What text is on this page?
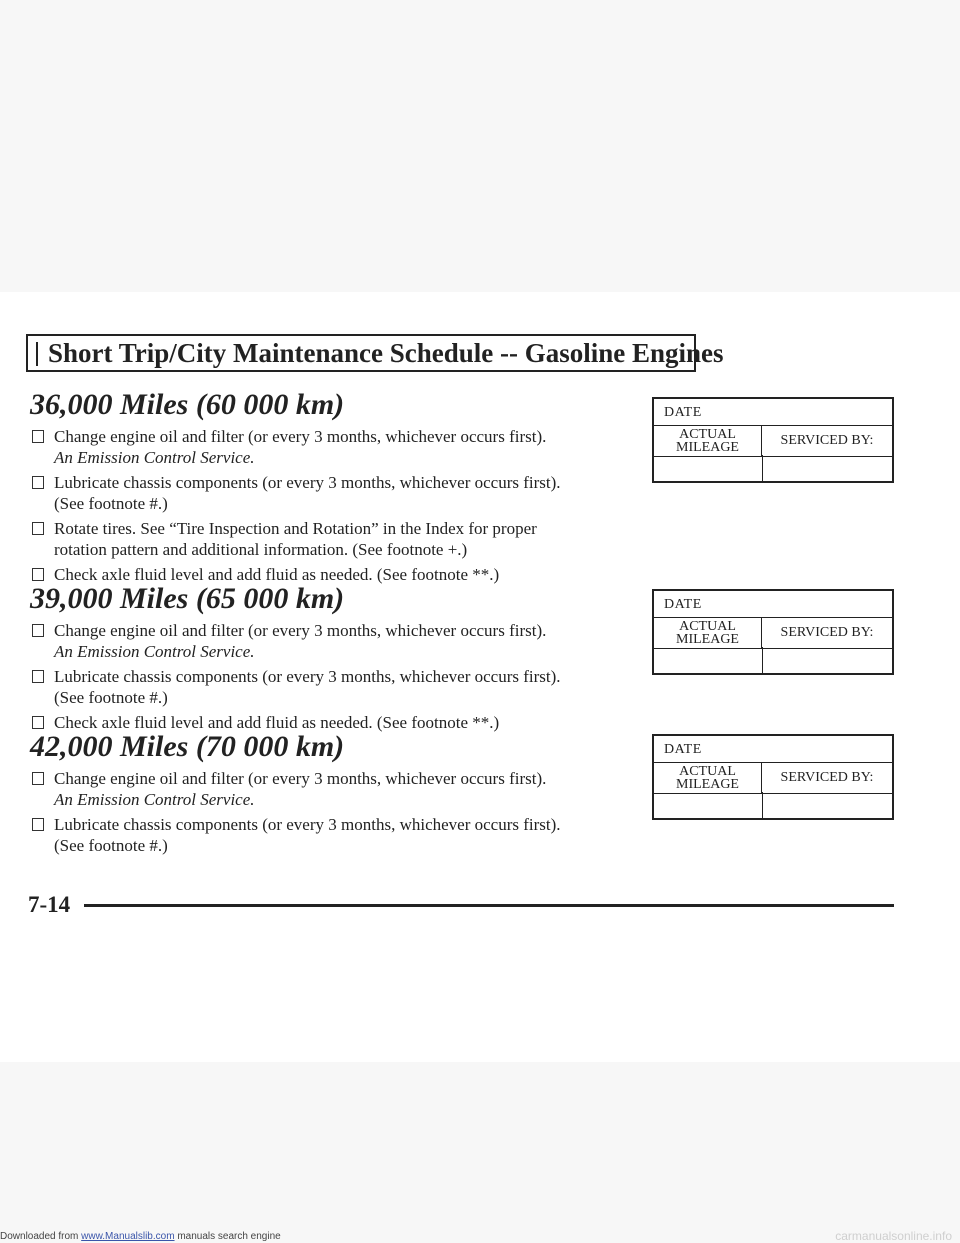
Short Trip/City Maintenance Schedule -- Gasoline Engines
36,000 Miles (60 000 km)
Change engine oil and filter (or every 3 months, whichever occurs first).
An Emission Control Service.
Lubricate chassis components (or every 3 months, whichever occurs first).
(See footnote #.)
Rotate tires. See “Tire Inspection and Rotation” in the Index for proper
rotation pattern and additional information. (See footnote +.)
Check axle fluid level and add fluid as needed. (See footnote **.)
39,000 Miles (65 000 km)
Change engine oil and filter (or every 3 months, whichever occurs first).
An Emission Control Service.
Lubricate chassis components (or every 3 months, whichever occurs first).
(See footnote #.)
Check axle fluid level and add fluid as needed. (See footnote **.)
42,000 Miles (70 000 km)
Change engine oil and filter (or every 3 months, whichever occurs first).
An Emission Control Service.
Lubricate chassis components (or every 3 months, whichever occurs first).
(See footnote #.)
DATE
ACTUAL
MILEAGE	SERVICED BY:
DATE
ACTUAL
MILEAGE	SERVICED BY:
DATE
ACTUAL
MILEAGE	SERVICED BY:
7-14
Downloaded from www.Manualslib.com manuals search engine	carmanualsonline.info
